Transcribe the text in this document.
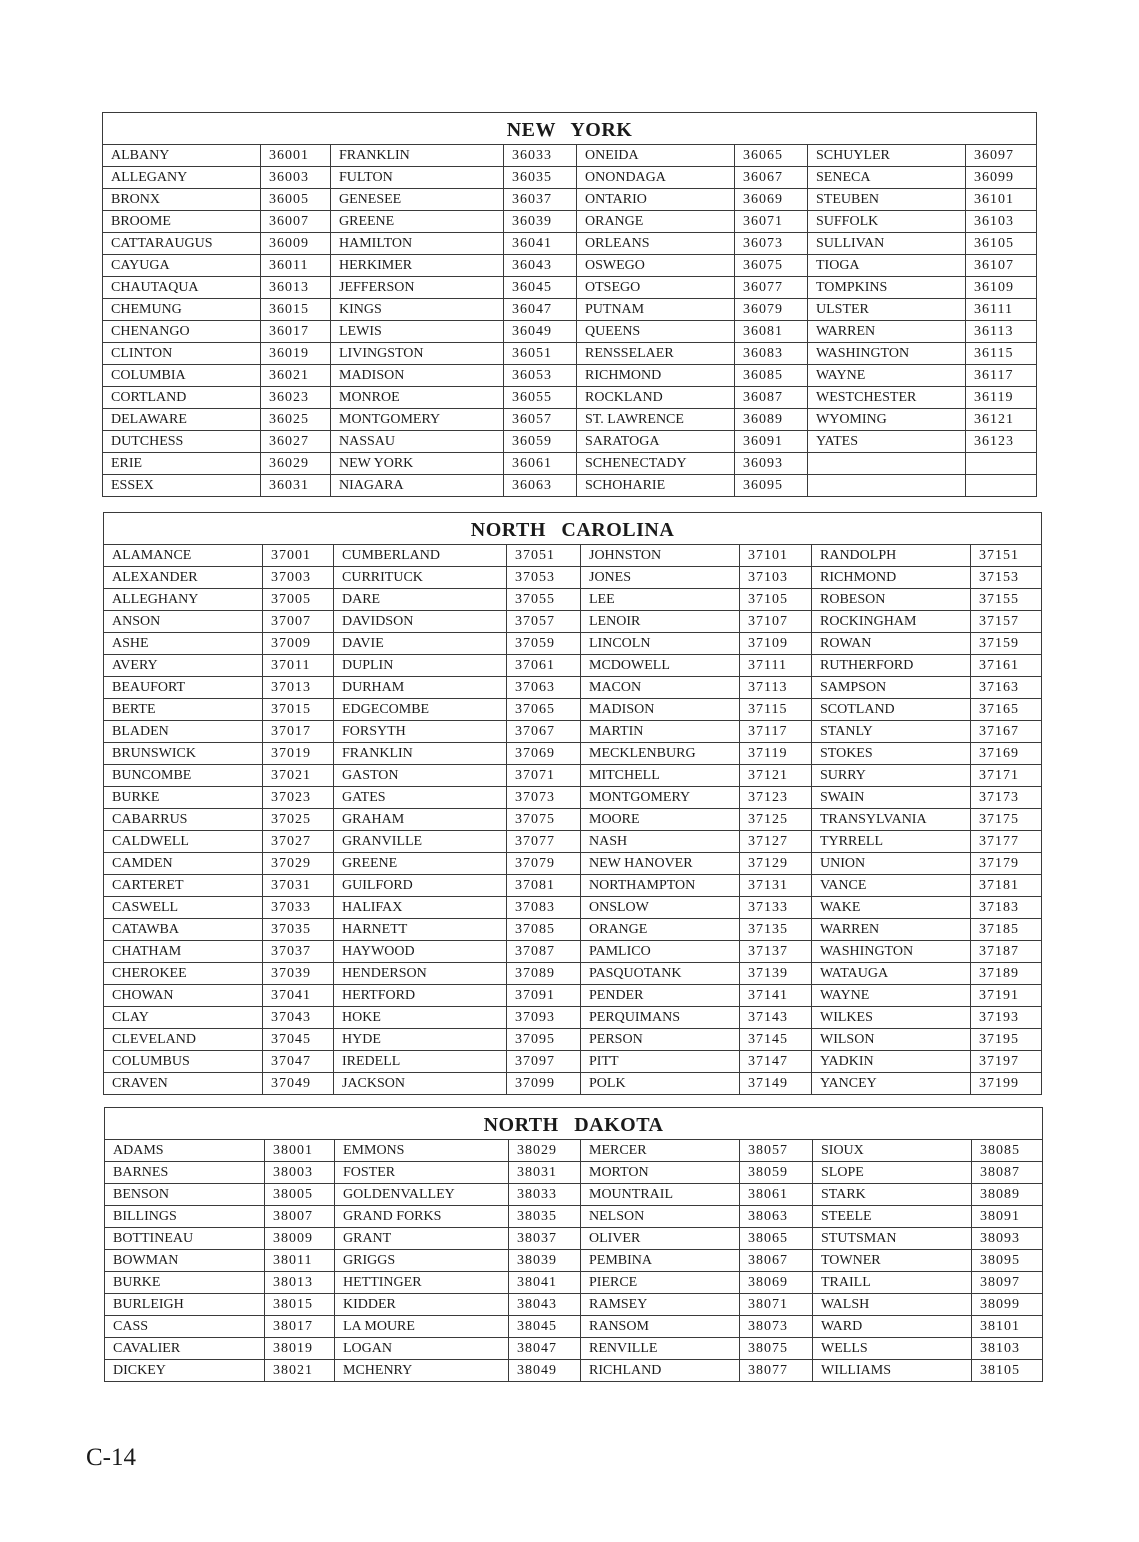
NEW YORK							
ALBANY	36001	FRANKLIN	36033	ONEIDA	36065	SCHUYLER	36097
ALLEGANY	36003	FULTON	36035	ONONDAGA	36067	SENECA	36099
BRONX	36005	GENESEE	36037	ONTARIO	36069	STEUBEN	36101
BROOME	36007	GREENE	36039	ORANGE	36071	SUFFOLK	36103
CATTARAUGUS	36009	HAMILTON	36041	ORLEANS	36073	SULLIVAN	36105
CAYUGA	36011	HERKIMER	36043	OSWEGO	36075	TIOGA	36107
CHAUTAQUA	36013	JEFFERSON	36045	OTSEGO	36077	TOMPKINS	36109
CHEMUNG	36015	KINGS	36047	PUTNAM	36079	ULSTER	36111
CHENANGO	36017	LEWIS	36049	QUEENS	36081	WARREN	36113
CLINTON	36019	LIVINGSTON	36051	RENSSELAER	36083	WASHINGTON	36115
COLUMBIA	36021	MADISON	36053	RICHMOND	36085	WAYNE	36117
CORTLAND	36023	MONROE	36055	ROCKLAND	36087	WESTCHESTER	36119
DELAWARE	36025	MONTGOMERY	36057	ST. LAWRENCE	36089	WYOMING	36121
DUTCHESS	36027	NASSAU	36059	SARATOGA	36091	YATES	36123
ERIE	36029	NEW YORK	36061	SCHENECTADY	36093		
ESSEX	36031	NIAGARA	36063	SCHOHARIE	36095		
NORTH CAROLINA							
ALAMANCE	37001	CUMBERLAND	37051	JOHNSTON	37101	RANDOLPH	37151
ALEXANDER	37003	CURRITUCK	37053	JONES	37103	RICHMOND	37153
ALLEGHANY	37005	DARE	37055	LEE	37105	ROBESON	37155
ANSON	37007	DAVIDSON	37057	LENOIR	37107	ROCKINGHAM	37157
ASHE	37009	DAVIE	37059	LINCOLN	37109	ROWAN	37159
AVERY	37011	DUPLIN	37061	MCDOWELL	37111	RUTHERFORD	37161
BEAUFORT	37013	DURHAM	37063	MACON	37113	SAMPSON	37163
BERTE	37015	EDGECOMBE	37065	MADISON	37115	SCOTLAND	37165
BLADEN	37017	FORSYTH	37067	MARTIN	37117	STANLY	37167
BRUNSWICK	37019	FRANKLIN	37069	MECKLENBURG	37119	STOKES	37169
BUNCOMBE	37021	GASTON	37071	MITCHELL	37121	SURRY	37171
BURKE	37023	GATES	37073	MONTGOMERY	37123	SWAIN	37173
CABARRUS	37025	GRAHAM	37075	MOORE	37125	TRANSYLVANIA	37175
CALDWELL	37027	GRANVILLE	37077	NASH	37127	TYRRELL	37177
CAMDEN	37029	GREENE	37079	NEW HANOVER	37129	UNION	37179
CARTERET	37031	GUILFORD	37081	NORTHAMPTON	37131	VANCE	37181
CASWELL	37033	HALIFAX	37083	ONSLOW	37133	WAKE	37183
CATAWBA	37035	HARNETT	37085	ORANGE	37135	WARREN	37185
CHATHAM	37037	HAYWOOD	37087	PAMLICO	37137	WASHINGTON	37187
CHEROKEE	37039	HENDERSON	37089	PASQUOTANK	37139	WATAUGA	37189
CHOWAN	37041	HERTFORD	37091	PENDER	37141	WAYNE	37191
CLAY	37043	HOKE	37093	PERQUIMANS	37143	WILKES	37193
CLEVELAND	37045	HYDE	37095	PERSON	37145	WILSON	37195
COLUMBUS	37047	IREDELL	37097	PITT	37147	YADKIN	37197
CRAVEN	37049	JACKSON	37099	POLK	37149	YANCEY	37199
NORTH DAKOTA							
ADAMS	38001	EMMONS	38029	MERCER	38057	SIOUX	38085
BARNES	38003	FOSTER	38031	MORTON	38059	SLOPE	38087
BENSON	38005	GOLDENVALLEY	38033	MOUNTRAIL	38061	STARK	38089
BILLINGS	38007	GRAND FORKS	38035	NELSON	38063	STEELE	38091
BOTTINEAU	38009	GRANT	38037	OLIVER	38065	STUTSMAN	38093
BOWMAN	38011	GRIGGS	38039	PEMBINA	38067	TOWNER	38095
BURKE	38013	HETTINGER	38041	PIERCE	38069	TRAILL	38097
BURLEIGH	38015	KIDDER	38043	RAMSEY	38071	WALSH	38099
CASS	38017	LA MOURE	38045	RANSOM	38073	WARD	38101
CAVALIER	38019	LOGAN	38047	RENVILLE	38075	WELLS	38103
DICKEY	38021	MCHENRY	38049	RICHLAND	38077	WILLIAMS	38105
C-14
